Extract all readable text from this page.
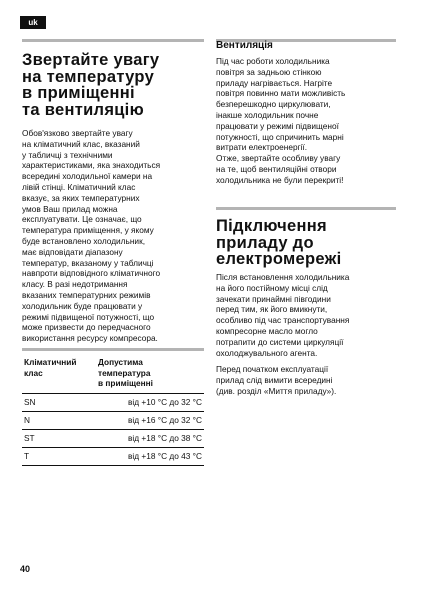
uk
Звертайте увагу
на температуру
в приміщенні
та вентиляцію

Обов'язково звертайте увагу
на кліматичний клас, вказаний
у табличці з технічними
характеристиками, яка знаходиться
всередині холодильної камери на
лівій стінці. Кліматичний клас
вказує, за яких температурних
умов Ваш прилад можна
експлуатувати. Це означає, що
температура приміщення, у якому
буде встановлено холодильник,
має відповідати діапазону
температур, вказаному у табличці
навпроти відповідного кліматичного
класу. В разі недотримання
вказаних температурних режимів
холодильник буде працювати у
режимі підвищеної потужності, що
може призвести до передчасного
використання ресурсу компресора.

Кліматичний
клас	Допустима
температура
в приміщенні
SN	від +10 °C до 32 °C
N	від +16 °C до 32 °C
ST	від +18 °C до 38 °C
T	від +18 °C до 43 °C
Вентиляція

Під час роботи холодильника
повітря за задньою стінкою
приладу нагрівається. Нагріте
повітря повинно мати можливість
безперешкодно циркулювати,
інакше холодильник почне
працювати у режимі підвищеної
потужності, що спричинить марні
витрати електроенергії.
Отже, звертайте особливу увагу
на те, щоб вентиляційні отвори
холодильника не були перекриті!

Підключення
приладу до
електромережі

Після встановлення холодильника
на його постійному місці слід
зачекати принаймні півгодини
перед тим, як його вмикнути,
особливо під час транспортування
компресорне масло могло
потрапити до системи циркуляції
охолоджувального агента.

Перед початком експлуатації
прилад слід вимити всередині
(див. розділ «Миття приладу»).

40
